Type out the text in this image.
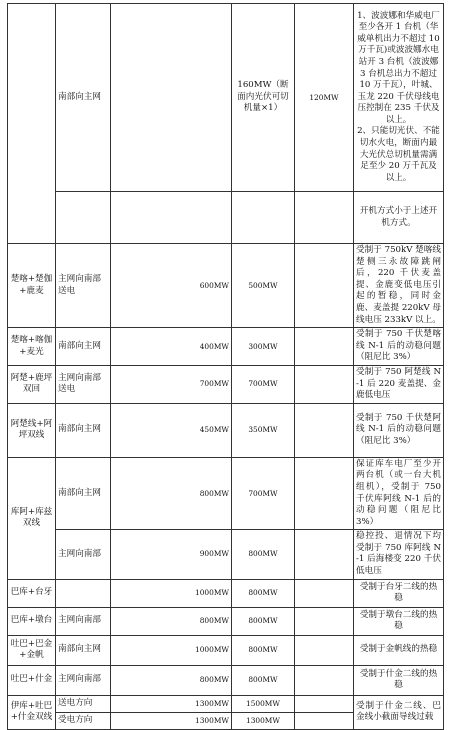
	南部向主网		160MW（断面内光伏可切机量×1）	120MW	1、波波娜和华威电厂至少各开 1 台机（华威单机出力不超过 10 万千瓦)或波波娜水电站开 3 台机（波波娜 3 台机总出力不超过 10 万千瓦），叶城、玉龙 220 千伏母线电压控制在 235 千伏及以上。
2、只能切光伏、不能切水火电，断面内最大光伏总切机量需满足至少 20 万千瓦及以上。
					开机方式小于上述开机方式。
楚喀+楚伽+鹿麦	主网向南部送电	600MW	500MW		受制于 750kV 楚喀线楚侧三永故障跳闸后，220 千伏麦盖提、金鹿变低电压引起的暂稳，同时金鹿、麦盖提 220kV 母线电压 233kV 以上。
楚喀+喀伽+麦光	南部向主网	400MW	300MW		受制于 750 千伏楚喀线 N-1 后的动稳问题（阻尼比 3%）
阿楚+鹿坪双回	主网向南部送电	700MW	700MW		受制于 750 阿楚线 N-1 后 220 麦盖提、金鹿低电压
阿楚线+阿坪双线	南部向主网	450MW	350MW		受制于 750 千伏楚阿线 N-1 后的动稳问题（阻尼比 3%）
库阿+库兹双线	南部向主网	800MW	700MW		保证库车电厂至少开两台机（或一台大机组机），受制于 750 千伏库阿线 N-1 后的动稳问题（阻尼比 3%）
	主网向南部	900MW	800MW		稳控投、退情况下均受制于 750 库阿线 N-1 后海楼变 220 千伏低电压
巴库+台牙		1000MW	800MW		受制于台牙二线的热稳
巴库+墩台	主网向南部	800MW	800MW		受制于墩台二线的热稳
吐巴+巴金+金帆	南部向主网	1000MW	800MW		受制于金帆线的热稳
吐巴+什金	主网向南部	800MW	800MW		受制于什金二线的热稳
伊库+吐巴+什金双线	送电方向	1300MW	1500MW		受制于什金二线、巴金线小截面导线过载
	受电方向	1300MW	1300MW		
